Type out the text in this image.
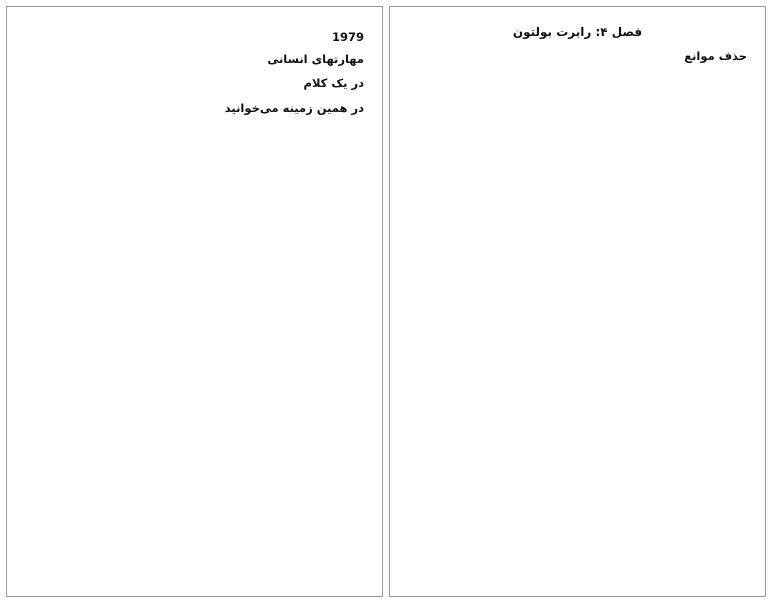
فصل ۴: رابرت بولتون

حذف موانع

1979
مهارتهای انسانی

در یک کلام

در همین زمینه می‌خوانید
